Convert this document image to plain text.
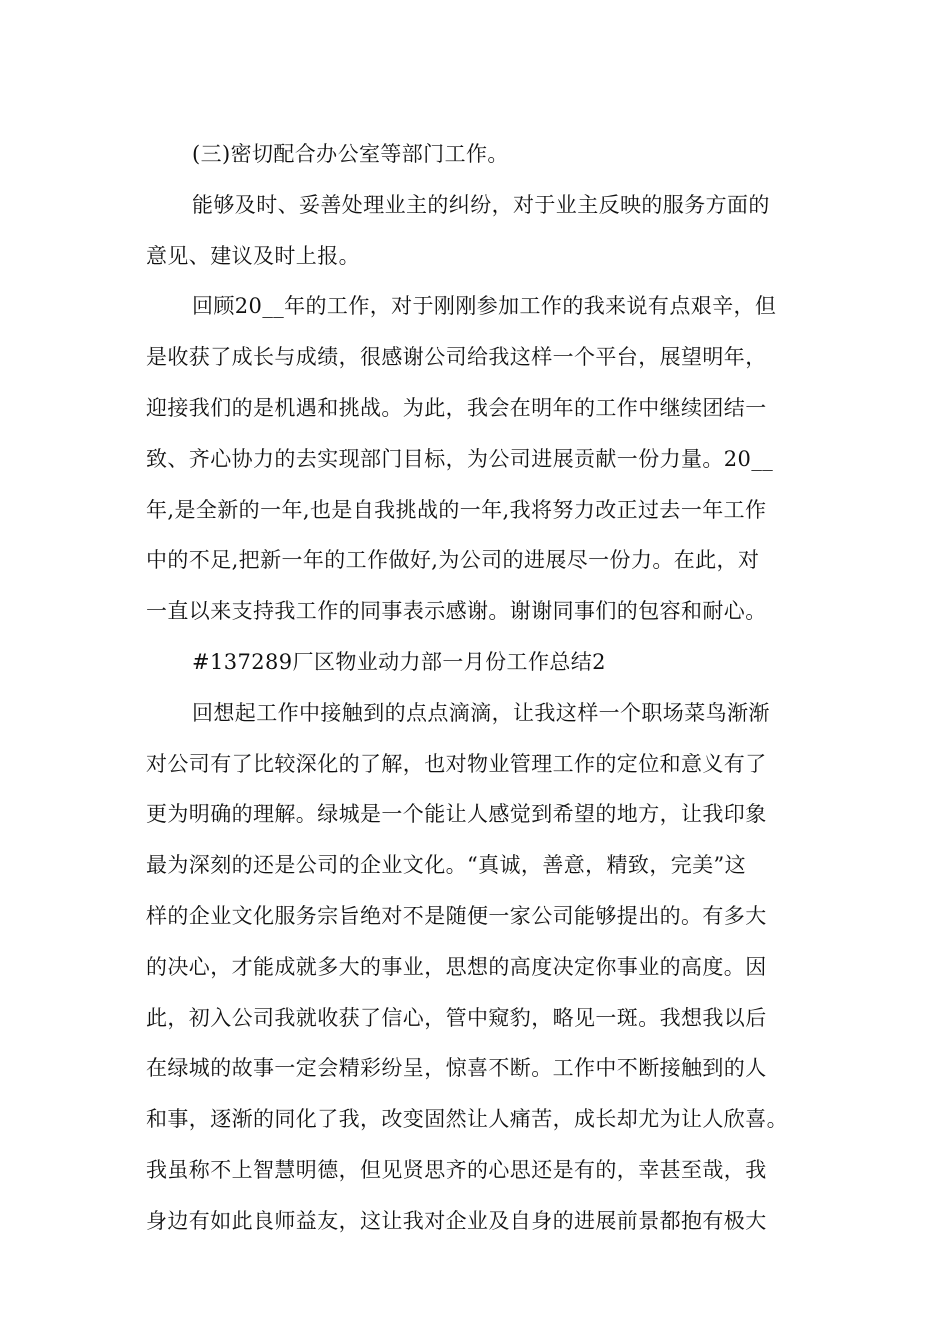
(三)密切配合办公室等部门工作。
能够及时、妥善处理业主的纠纷，对于业主反映的服务方面的
意见、建议及时上报。
回顾20__年的工作，对于刚刚参加工作的我来说有点艰辛，但
是收获了成长与成绩，很感谢公司给我这样一个平台，展望明年，
迎接我们的是机遇和挑战。为此，我会在明年的工作中继续团结一
致、齐心协力的去实现部门目标，为公司进展贡献一份力量。20__
年,是全新的一年,也是自我挑战的一年,我将努力改正过去一年工作
中的不足,把新一年的工作做好,为公司的进展尽一份力。在此，对
一直以来支持我工作的同事表示感谢。谢谢同事们的包容和耐心。
#137289厂区物业动力部一月份工作总结2
回想起工作中接触到的点点滴滴，让我这样一个职场菜鸟渐渐
对公司有了比较深化的了解，也对物业管理工作的定位和意义有了
更为明确的理解。绿城是一个能让人感觉到希望的地方，让我印象
最为深刻的还是公司的企业文化。“真诚，善意，精致，完美”这
样的企业文化服务宗旨绝对不是随便一家公司能够提出的。有多大
的决心，才能成就多大的事业，思想的高度决定你事业的高度。因
此，初入公司我就收获了信心，管中窥豹，略见一斑。我想我以后
在绿城的故事一定会精彩纷呈，惊喜不断。工作中不断接触到的人
和事，逐渐的同化了我，改变固然让人痛苦，成长却尤为让人欣喜。
我虽称不上智慧明德，但见贤思齐的心思还是有的，幸甚至哉，我
身边有如此良师益友，这让我对企业及自身的进展前景都抱有极大
